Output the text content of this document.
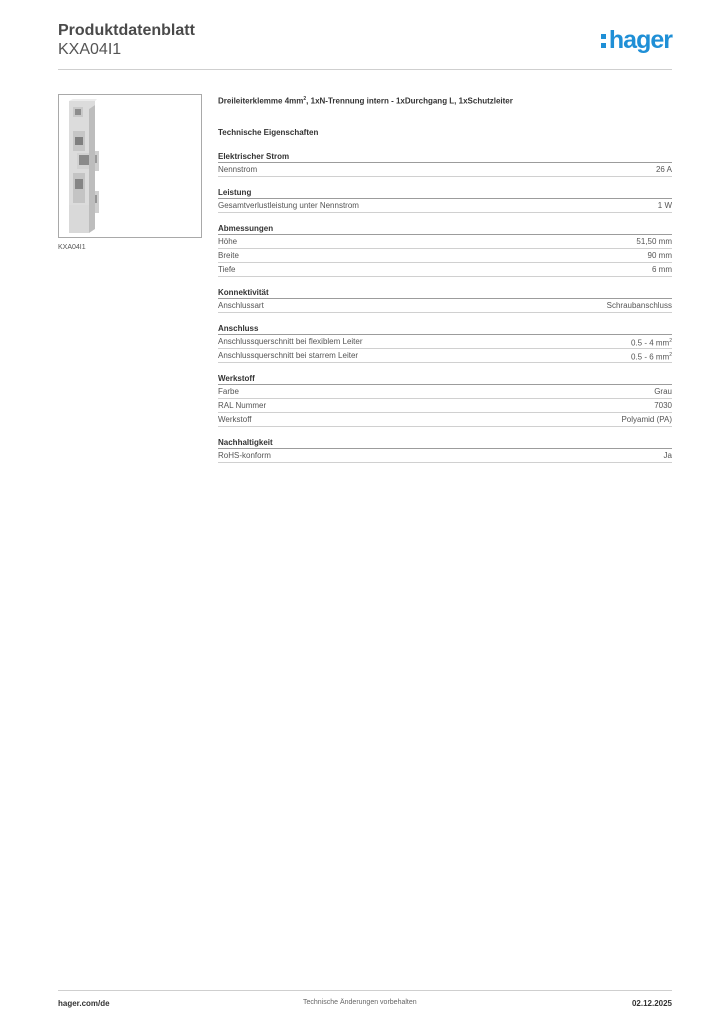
Produktdatenblatt
KXA04I1	hager
KXA04I1
Dreileiterklemme $4mm^2$, 1xN-Trennung intern - 1xDurchgang L, 1xSchutzleiter
Technische Eigenschaften
Elektrischer Strom
Nennstrom	26 A
Leistung
Gesamtverlustleistung unter Nennstrom	1 W
Abmessungen
Höhe	51,50 mm
Breite	90 mm
Tiefe	6 mm
Konnektivität
Anschlussart	Schraubanschluss
Anschluss
Anschlussquerschnitt bei flexiblem Leiter	0.5 - 4 $mm^2$
Anschlussquerschnitt bei starrem Leiter	0.5 - 6 $mm^2$
Werkstoff
Farbe	Grau
RAL Nummer	7030
Werkstoff	Polyamid (PA)
Nachhaltigkeit
RoHS-konform	Ja
hager.com/de	Technische Änderungen vorbehalten	02.12.2025
